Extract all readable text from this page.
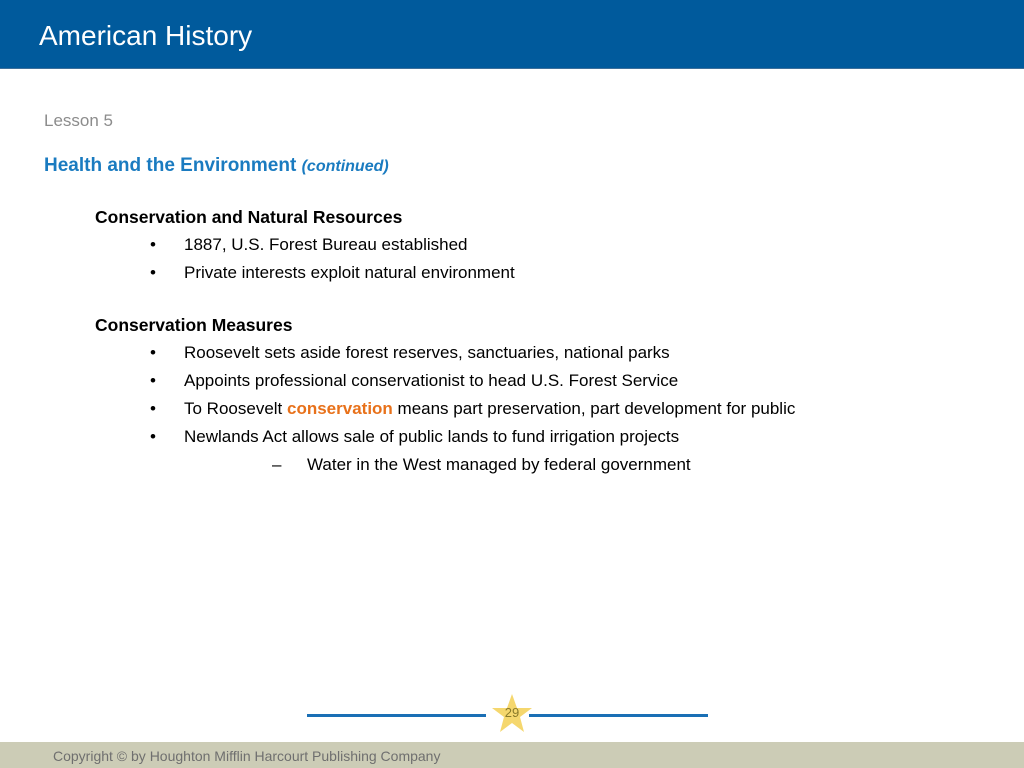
American History
Lesson 5
Health and the Environment (continued)
Conservation and Natural Resources
•	1887, U.S. Forest Bureau established
•	Private interests exploit natural environment
Conservation Measures
•	Roosevelt sets aside forest reserves, sanctuaries, national parks
•	Appoints professional conservationist to head U.S. Forest Service
•	To Roosevelt conservation means part preservation, part development for public
•	Newlands Act allows sale of public lands to fund irrigation projects
– Water in the West managed by federal government
29
Copyright © by Houghton Mifflin Harcourt Publishing Company
